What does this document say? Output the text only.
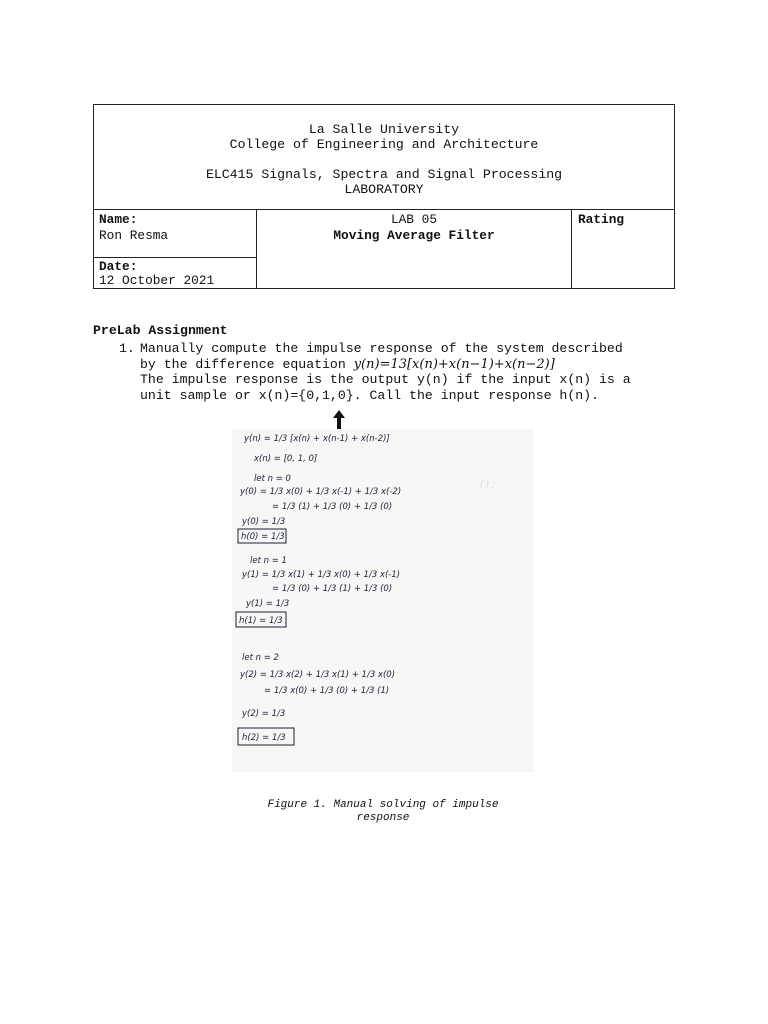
La Salle University
College of Engineering and Architecture
ELC415 Signals, Spectra and Signal Processing
LABORATORY
Name:
Ron Resma
Date:
12 October 2021
LAB 05
Moving Average Filter
Rating
PreLab Assignment
1. Manually compute the impulse response of the system described
by the difference equation y(n)=13[x(n)+x(n−1)+x(n−2)]
The impulse response is the output y(n) if the input x(n) is a
unit sample or x(n)={0,1,0}. Call the input response h(n).
( ) ;
.
y(n) = 1/3 [x(n) + x(n-1) + x(n-2)]
x(n) = [0, 1, 0]
let n = 0
y(0) = 1/3 x(0) + 1/3 x(-1) + 1/3 x(-2)
= 1/3 (1) + 1/3 (0) + 1/3 (0)
y(0) = 1/3
h(0) = 1/3
let n = 1
y(1) = 1/3 x(1) + 1/3 x(0) + 1/3 x(-1)
= 1/3 (0) + 1/3 (1) + 1/3 (0)
y(1) = 1/3
h(1) = 1/3
let n = 2
y(2) = 1/3 x(2) + 1/3 x(1) + 1/3 x(0)
= 1/3 x(0) + 1/3 (0) + 1/3 (1)
y(2) = 1/3
h(2) = 1/3
Figure 1. Manual solving of impulse
response
